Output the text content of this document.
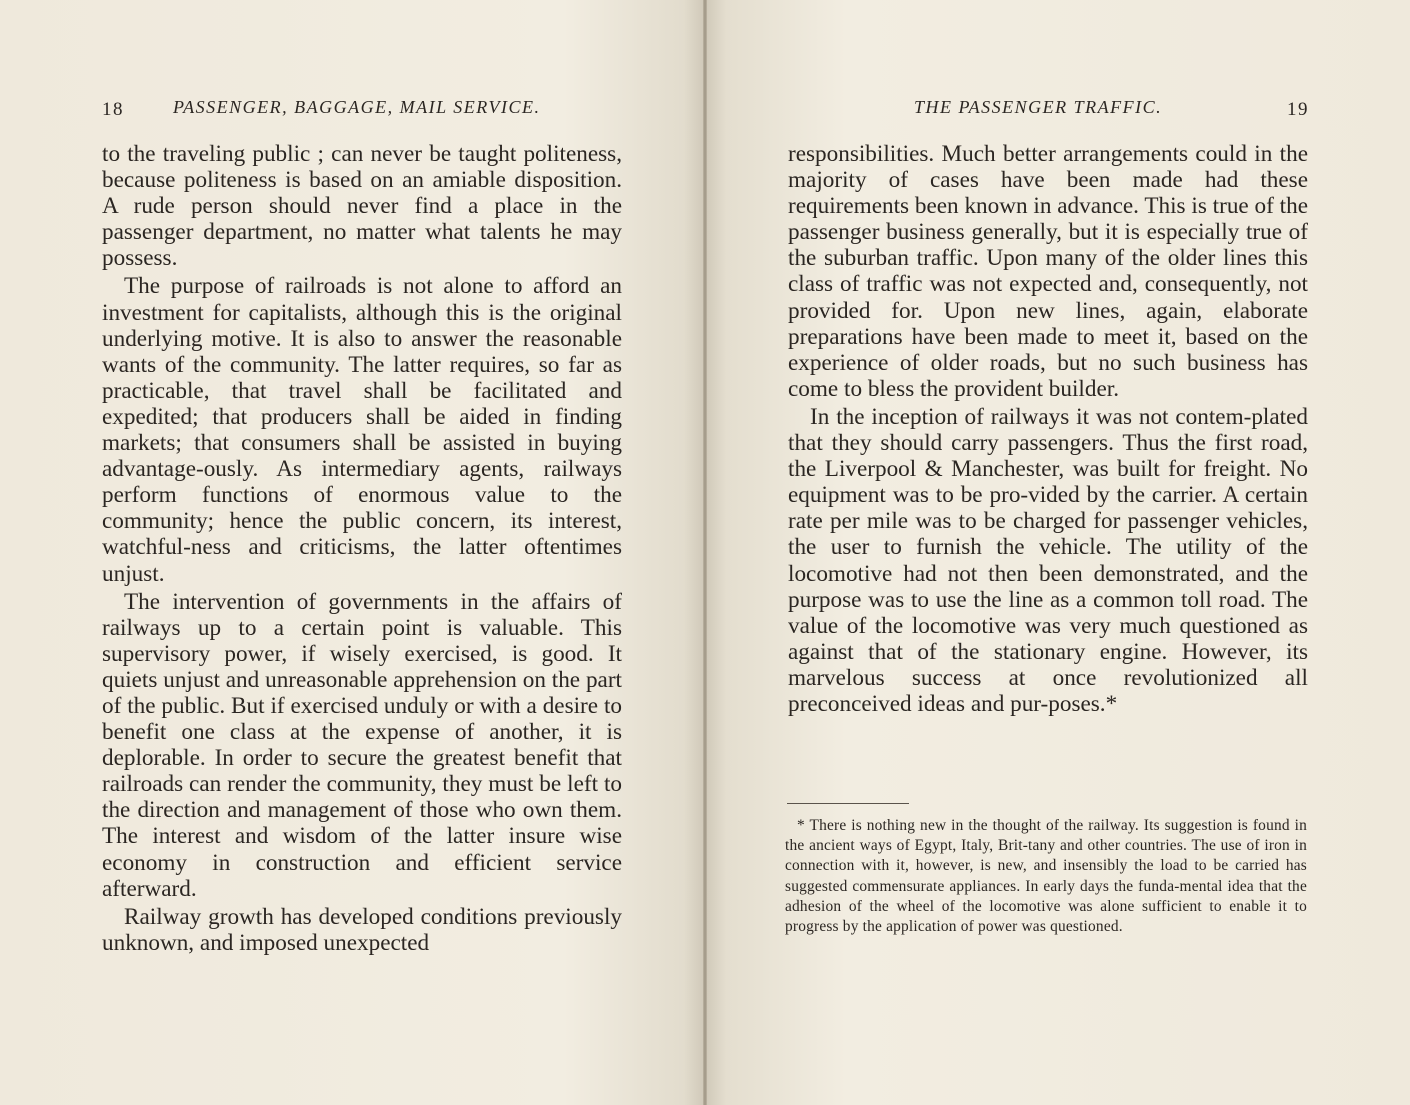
18	PASSENGER, BAGGAGE, MAIL SERVICE.

to the traveling public ; can never be taught politeness, because politeness is based on an amiable disposition. A rude person should never find a place in the passenger department, no matter what talents he may possess.

The purpose of railroads is not alone to afford an investment for capitalists, although this is the original underlying motive. It is also to answer the reasonable wants of the community. The latter requires, so far as practicable, that travel shall be facilitated and expedited; that producers shall be aided in finding markets; that consumers shall be assisted in buying advantage-ously. As intermediary agents, railways perform functions of enormous value to the community; hence the public concern, its interest, watchful-ness and criticisms, the latter oftentimes unjust.

The intervention of governments in the affairs of railways up to a certain point is valuable. This supervisory power, if wisely exercised, is good. It quiets unjust and unreasonable apprehension on the part of the public. But if exercised unduly or with a desire to benefit one class at the expense of another, it is deplorable. In order to secure the greatest benefit that railroads can render the community, they must be left to the direction and management of those who own them. The interest and wisdom of the latter insure wise economy in construction and efficient service afterward.

Railway growth has developed conditions previously unknown, and imposed unexpected

THE PASSENGER TRAFFIC.	19

responsibilities. Much better arrangements could in the majority of cases have been made had these requirements been known in advance. This is true of the passenger business generally, but it is especially true of the suburban traffic. Upon many of the older lines this class of traffic was not expected and, consequently, not provided for. Upon new lines, again, elaborate preparations have been made to meet it, based on the experience of older roads, but no such business has come to bless the provident builder.

In the inception of railways it was not contem-plated that they should carry passengers. Thus the first road, the Liverpool & Manchester, was built for freight. No equipment was to be pro-vided by the carrier. A certain rate per mile was to be charged for passenger vehicles, the user to furnish the vehicle. The utility of the locomotive had not then been demonstrated, and the purpose was to use the line as a common toll road. The value of the locomotive was very much questioned as against that of the stationary engine. However, its marvelous success at once revolutionized all preconceived ideas and pur-poses.*

* There is nothing new in the thought of the railway. Its suggestion is found in the ancient ways of Egypt, Italy, Brit-tany and other countries. The use of iron in connection with it, however, is new, and insensibly the load to be carried has suggested commensurate appliances. In early days the funda-mental idea that the adhesion of the wheel of the locomotive was alone sufficient to enable it to progress by the application of power was questioned.
